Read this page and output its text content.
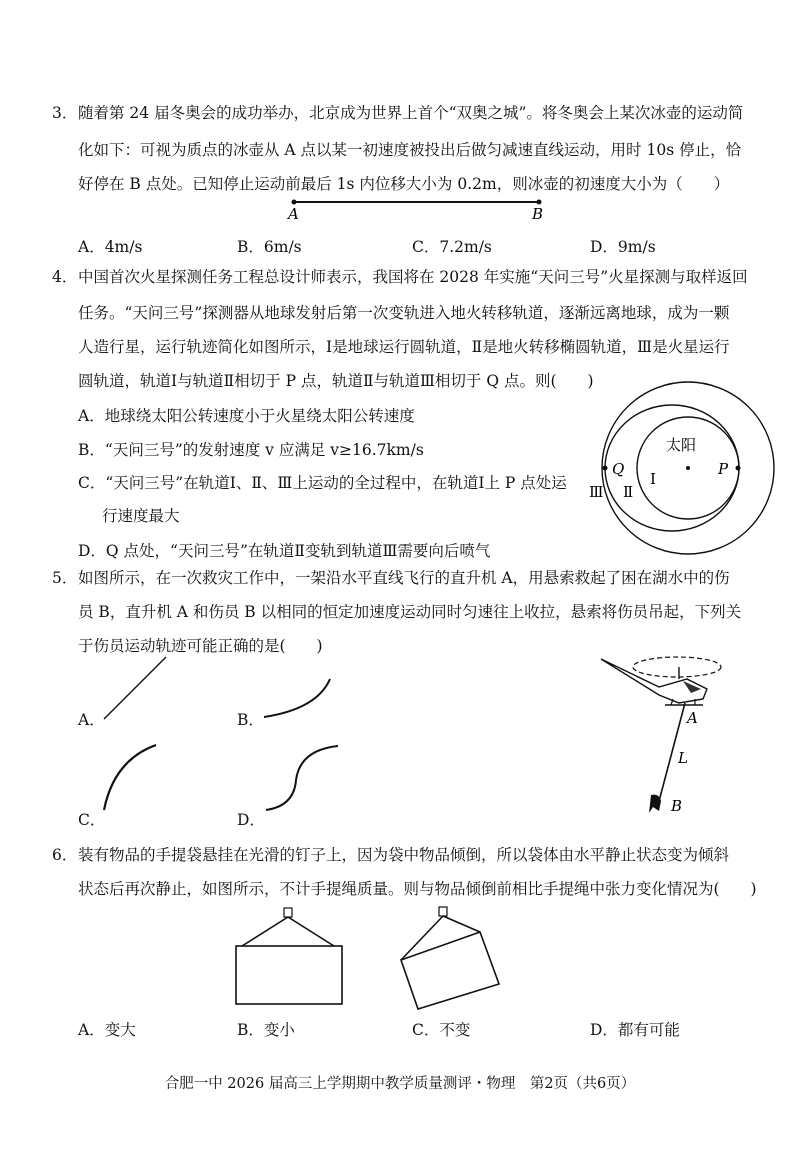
3． 随着第 24 届冬奥会的成功举办，北京成为世界上首个“双奥之城”。将冬奥会上某次冰壶的运动简
化如下：可视为质点的冰壶从 A 点以某一初速度被投出后做匀减速直线运动，用时 10s 停止，恰
好停在 B 点处。已知停止运动前最后 1s 内位移大小为 0.2m，则冰壶的初速度大小为（　　）
A	B
A．4m/s	B．6m/s	C．7.2m/s	D．9m/s
4． 中国首次火星探测任务工程总设计师表示，我国将在 2028 年实施“天问三号”火星探测与取样返回
任务。“天问三号”探测器从地球发射后第一次变轨进入地火转移轨道，逐渐远离地球，成为一颗
人造行星，运行轨迹简化如图所示，Ⅰ是地球运行圆轨道，Ⅱ是地火转移椭圆轨道，Ⅲ是火星运行
圆轨道，轨道Ⅰ与轨道Ⅱ相切于 P 点，轨道Ⅱ与轨道Ⅲ相切于 Q 点。则(　　)
A．地球绕太阳公转速度小于火星绕太阳公转速度
B．“天问三号”的发射速度 v 应满足 v≥16.7km/s
C．“天问三号”在轨道Ⅰ、Ⅱ、Ⅲ上运动的全过程中，在轨道Ⅰ上 P 点处运
行速度最大
D．Q 点处，“天问三号”在轨道Ⅱ变轨到轨道Ⅲ需要向后喷气
太阳
P
Q
Ⅰ
Ⅱ
Ⅲ
5． 如图所示，在一次救灾工作中，一架沿水平直线飞行的直升机 A，用悬索救起了困在湖水中的伤
员 B，直升机 A 和伤员 B 以相同的恒定加速度运动同时匀速往上收拉，悬索将伤员吊起，下列关
于伤员运动轨迹可能正确的是(　　)
A．	B．
C．	D．
A
L
B
6． 装有物品的手提袋悬挂在光滑的钉子上，因为袋中物品倾倒，所以袋体由水平静止状态变为倾斜
状态后再次静止，如图所示，不计手提绳质量。则与物品倾倒前相比手提绳中张力变化情况为(　　)
A．变大	B．变小	C．不变	D．都有可能
合肥一中 2026 届高三上学期期中教学质量测评・物理　第2页（共6页）
